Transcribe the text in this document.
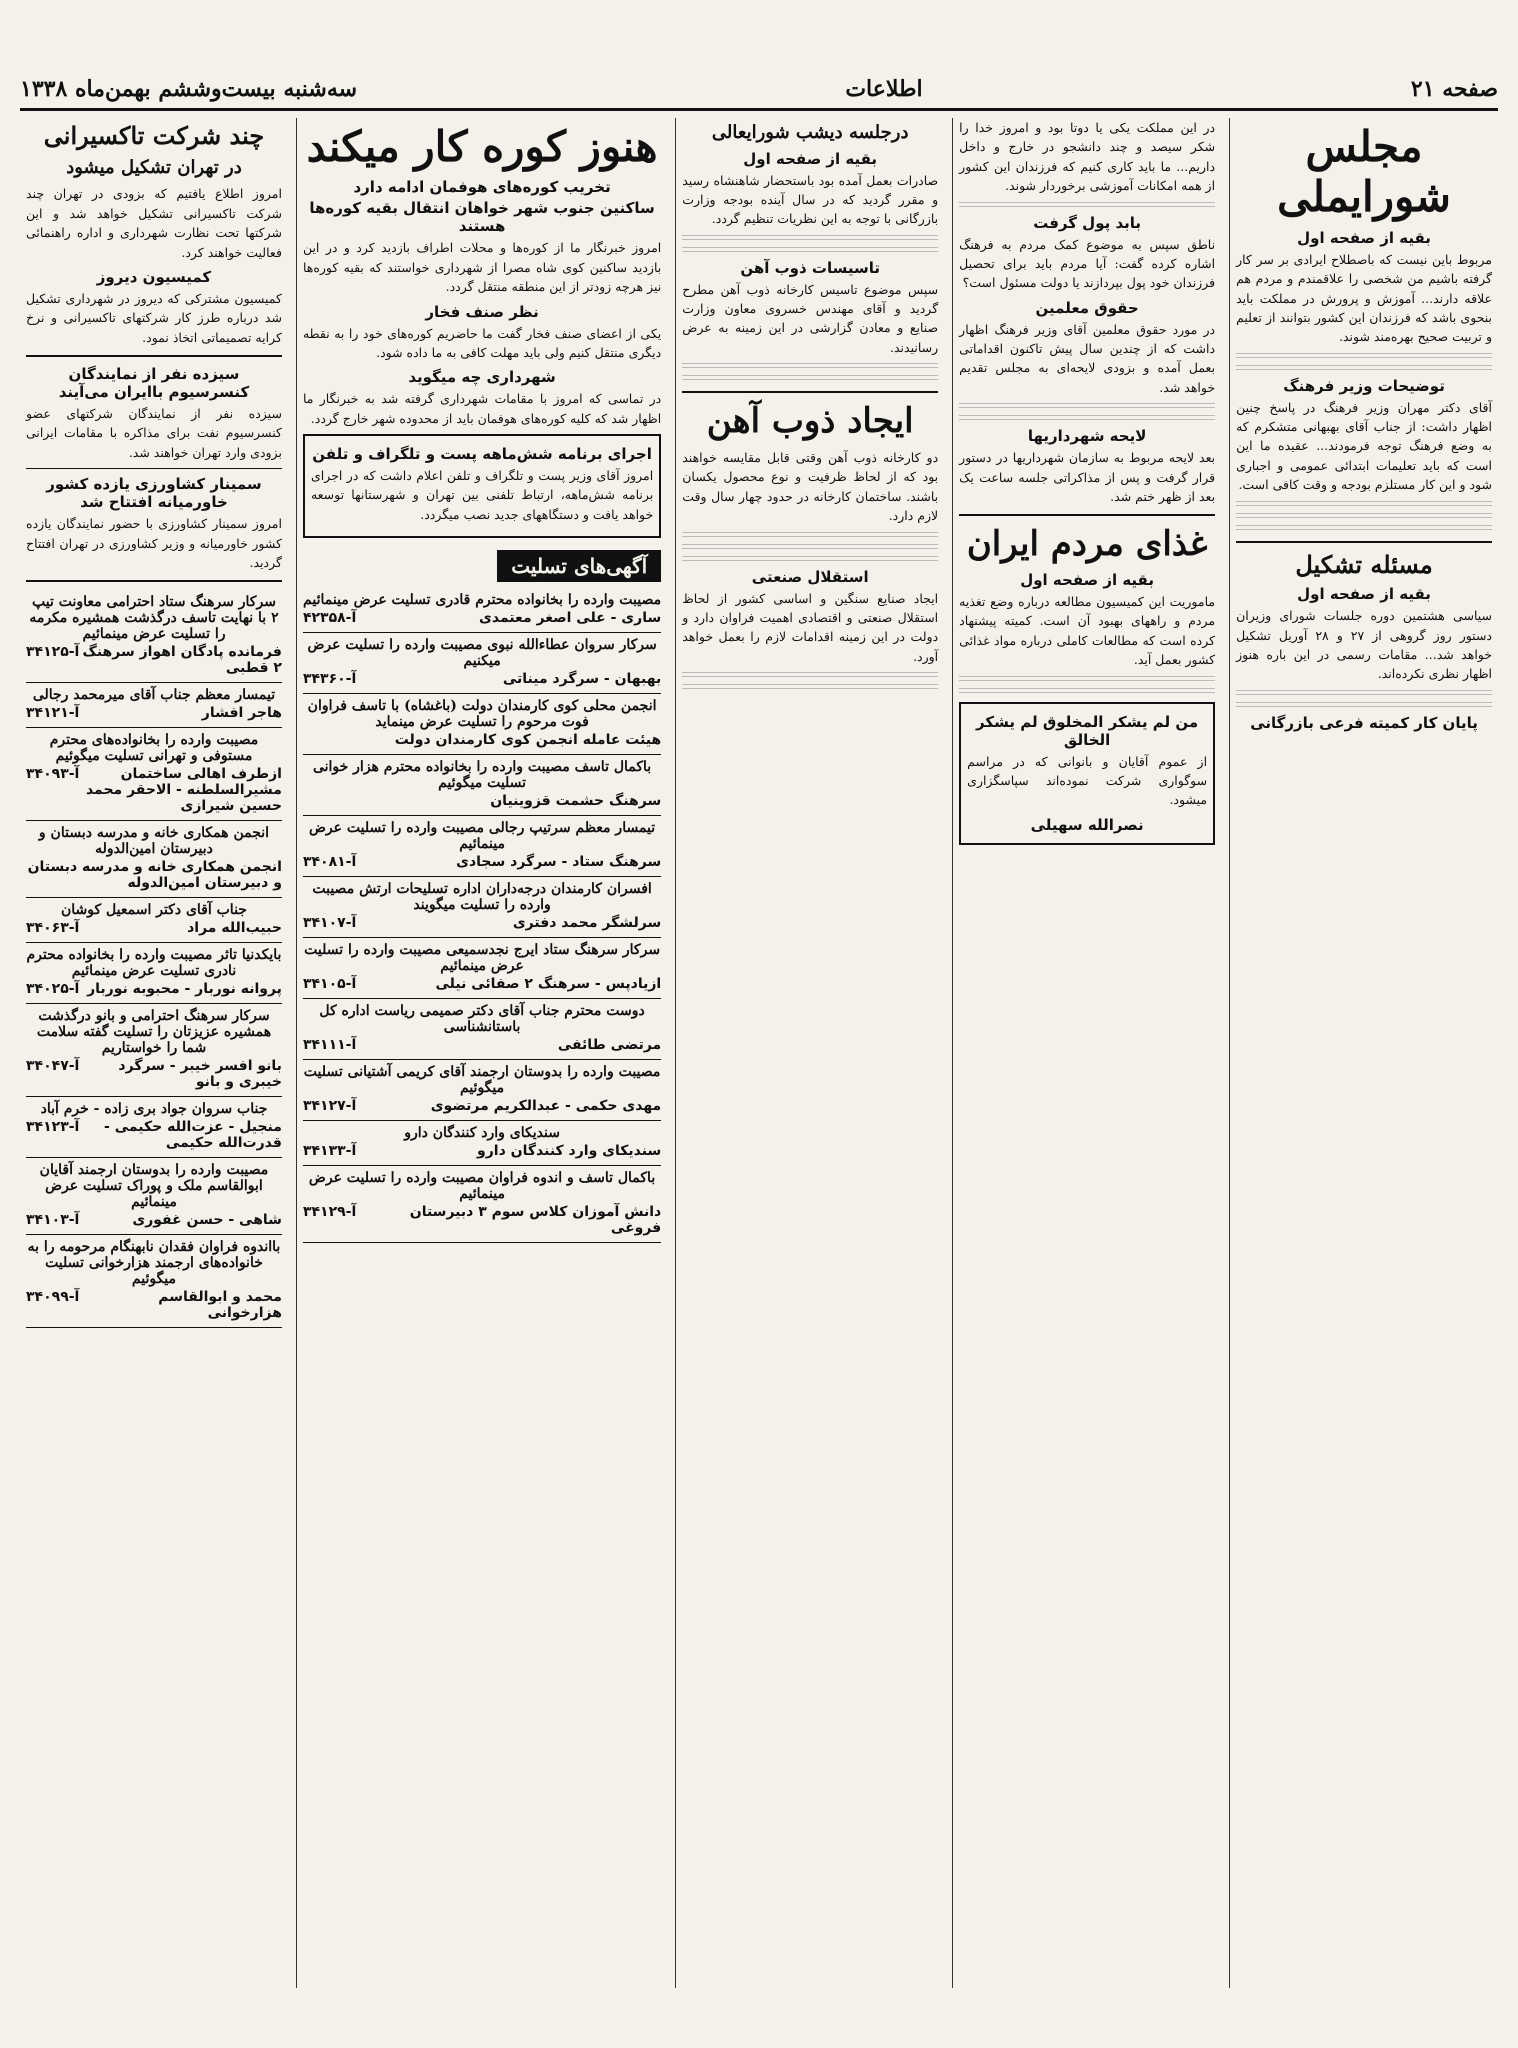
صفحه ۲۱
اطلاعات
سه‌شنبه بیست‌وششم بهمن‌ماه ۱۳۳۸
مجلس شورایملی
بقیه از صفحه اول

مربوط باین نیست که باصطلاح ایرادی بر سر کار گرفته باشیم من شخصی را علاقمندم و مردم هم علاقه دارند... آموزش و پرورش در مملکت باید بنحوی باشد که فرزندان این کشور بتوانند از تعلیم و تربیت صحیح بهره‌مند شوند.

توضیحات وزیر فرهنگ

آقای دکتر مهران وزیر فرهنگ در پاسخ چنین اظهار داشت: از جناب آقای بهبهانی متشکرم که به وضع فرهنگ توجه فرمودند... عقیده ما این است که باید تعلیمات ابتدائی عمومی و اجباری شود و این کار مستلزم بودجه و وقت کافی است.

مسئله تشکیل
بقیه از صفحه اول

سیاسی هشتمین دوره جلسات شورای وزیران دستور روز گروهی از ۲۷ و ۲۸ آوریل تشکیل خواهد شد... مقامات رسمی در این باره هنوز اظهار نظری نکرده‌اند.

پایان کار کمیته فرعی بازرگانی

در این مملکت یکی یا دوتا بود و امروز خدا را شکر سیصد و چند دانشجو در خارج و داخل داریم... ما باید کاری کنیم که فرزندان این کشور از همه امکانات آموزشی برخوردار شوند.

بابد پول گرفت

ناطق سپس به موضوع کمک مردم به فرهنگ اشاره کرده گفت: آیا مردم باید برای تحصیل فرزندان خود پول بپردازند یا دولت مسئول است؟

حقوق معلمین

در مورد حقوق معلمین آقای وزیر فرهنگ اظهار داشت که از چندین سال پیش تاکنون اقداماتی بعمل آمده و بزودی لایحه‌ای به مجلس تقدیم خواهد شد.

لایحه شهرداریها

بعد لایحه مربوط به سازمان شهرداریها در دستور قرار گرفت و پس از مذاکراتی جلسه ساعت یک بعد از ظهر ختم شد.

غذای مردم ایران
بقیه از صفحه اول

ماموریت این کمیسیون مطالعه درباره وضع تغذیه مردم و راههای بهبود آن است. کمیته پیشنهاد کرده است که مطالعات کاملی درباره مواد غذائی کشور بعمل آید.

من لم یشکر المخلوق لم یشکر الخالق

از عموم آقایان و بانوانی که در مراسم سوگواری شرکت نموده‌اند سپاسگزاری میشود.

نصرالله سهیلی
درجلسه دیشب شورایعالی
بقیه از صفحه اول

صادرات بعمل آمده بود باستحضار شاهنشاه رسید و مقرر گردید که در سال آینده بودجه وزارت بازرگانی با توجه به این نظریات تنظیم گردد.

تاسیسات ذوب آهن

سپس موضوع تاسیس کارخانه ذوب آهن مطرح گردید و آقای مهندس خسروی معاون وزارت صنایع و معادن گزارشی در این زمینه به عرض رسانیدند.

ایجاد ذوب آهن

دو کارخانه ذوب آهن وقتی قابل مقایسه خواهند بود که از لحاظ ظرفیت و نوع محصول یکسان باشند. ساختمان کارخانه در حدود چهار سال وقت لازم دارد.

استقلال صنعتی

ایجاد صنایع سنگین و اساسی کشور از لحاظ استقلال صنعتی و اقتصادی اهمیت فراوان دارد و دولت در این زمینه اقدامات لازم را بعمل خواهد آورد.

هنوز کوره کار میکند
تخریب کوره‌های هوفمان ادامه دارد
ساکنین جنوب شهر خواهان انتقال بقیه کوره‌ها هستند

امروز خبرنگار ما از کوره‌ها و محلات اطراف بازدید کرد و در این بازدید ساکنین کوی شاه مصرا از شهرداری خواستند که بقیه کوره‌ها نیز هرچه زودتر از این منطقه منتقل گردد.

نظر صنف فخار

یکی از اعضای صنف فخار گفت ما حاضریم کوره‌های خود را به نقطه دیگری منتقل کنیم ولی باید مهلت کافی به ما داده شود.

شهرداری چه میگوید

در تماسی که امروز با مقامات شهرداری گرفته شد به خبرنگار ما اظهار شد که کلیه کوره‌های هوفمان باید از محدوده شهر خارج گردد.

اجرای برنامه شش‌ماهه پست و تلگراف و تلفن

امروز آقای وزیر پست و تلگراف و تلفن اعلام داشت که در اجرای برنامه شش‌ماهه، ارتباط تلفنی بین تهران و شهرستانها توسعه خواهد یافت و دستگاههای جدید نصب میگردد.

آگهی‌های تسلیت
مصیبت وارده را بخانواده محترم قادری تسلیت عرض مینمائیم
ساری - علی اصغر معتمدی
آ-۴۲۳۵۸
سرکار سروان عطاءالله نبوی مصیبت وارده را تسلیت عرض میکنیم
بهبهان - سرگرد میناتی
آ-۳۴۳۶۰
انجمن محلی کوی کارمندان دولت (باغشاه) با تاسف فراوان فوت مرحوم را تسلیت عرض مینماید
هیئت عامله انجمن کوی کارمندان دولت
باکمال تاسف مصیبت وارده را بخانواده محترم هزار خوانی تسلیت میگوئیم
سرهنگ حشمت قزوینیان
تیمسار معظم سرتیپ رجالی مصیبت وارده را تسلیت عرض مینمائیم
سرهنگ ستاد - سرگرد سجادی
آ-۳۴۰۸۱
افسران کارمندان درجه‌داران اداره تسلیحات ارتش مصیبت وارده را تسلیت میگویند
سرلشگر محمد دفتری
آ-۳۴۱۰۷
سرکار سرهنگ ستاد ایرج نجدسمیعی مصیبت وارده را تسلیت عرض مینمائیم
ازیادپس - سرهنگ ۲ صفائی نیلی
آ-۳۴۱۰۵
دوست محترم جناب آقای دکتر صمیمی ریاست اداره کل باستانشناسی
مرتضی طائفی
آ-۳۴۱۱۱
مصیبت وارده را بدوستان ارجمند آقای کریمی آشتیانی تسلیت میگوئیم
مهدی حکمی - عبدالکریم مرتضوی
آ-۳۴۱۲۷
سندیکای وارد کنندگان دارو
سندیکای وارد کنندگان دارو
آ-۳۴۱۳۳
باکمال تاسف و اندوه فراوان مصیبت وارده را تسلیت عرض مینمائیم
دانش آموزان کلاس سوم ۳ دبیرستان فروغی
آ-۳۴۱۲۹
چند شرکت تاکسیرانی
در تهران تشکیل میشود

امروز اطلاع یافتیم که بزودی در تهران چند شرکت تاکسیرانی تشکیل خواهد شد و این شرکتها تحت نظارت شهرداری و اداره راهنمائی فعالیت خواهند کرد.

کمیسیون دیروز

کمیسیون مشترکی که دیروز در شهرداری تشکیل شد درباره طرز کار شرکتهای تاکسیرانی و نرخ کرایه تصمیماتی اتخاذ نمود.

سیزده نفر از نمایندگان کنسرسیوم باایران می‌آیند

سیزده نفر از نمایندگان شرکتهای عضو کنسرسیوم نفت برای مذاکره با مقامات ایرانی بزودی وارد تهران خواهند شد.

سمینار کشاورزی یازده کشور خاورمیانه افتتاح شد

امروز سمینار کشاورزی با حضور نمایندگان یازده کشور خاورمیانه و وزیر کشاورزی در تهران افتتاح گردید.

سرکار سرهنگ ستاد احترامی معاونت تیپ ۲ با نهایت تاسف درگذشت همشیره مکرمه را تسلیت عرض مینمائیم
فرمانده پادگان اهواز سرهنگ ۲ قطبی
آ-۳۴۱۲۵
تیمسار معظم جناب آقای میرمحمد رجالی
هاجر افشار
آ-۳۴۱۲۱
مصیبت وارده را بخانواده‌های محترم مستوفی و تهرانی تسلیت میگوئیم
ازطرف اهالی ساختمان مشیرالسلطنه - الاحقر محمد حسین شیرازی
آ-۳۴۰۹۳
انجمن همکاری خانه و مدرسه دبستان و دبیرستان امین‌الدوله
انجمن همکاری خانه و مدرسه دبستان و دبیرستان امین‌الدوله
جناب آقای دکتر اسمعیل کوشان
حبیب‌الله مراد
آ-۳۴۰۶۳
بایکدنیا تاثر مصیبت وارده را بخانواده محترم نادری تسلیت عرض مینمائیم
پروانه نوربار - محبوبه نوربار
آ-۳۴۰۲۵
سرکار سرهنگ احترامی و بانو درگذشت همشیره عزیزتان را تسلیت گفته سلامت شما را خواستاریم
بانو افسر خیبر - سرگرد خیبری و بانو
آ-۳۴۰۴۷
جناب سروان جواد بری زاده - خرم آباد
منجیل - عزت‌الله حکیمی - قدرت‌الله حکیمی
آ-۳۴۱۲۳
مصیبت وارده را بدوستان ارجمند آقایان ابوالقاسم ملک و پوراک تسلیت عرض مینمائیم
شاهی - حسن غفوری
آ-۳۴۱۰۳
بااندوه فراوان فقدان نابهنگام مرحومه را به خانواده‌های ارجمند هزارخوانی تسلیت میگوئیم
محمد و ابوالقاسم هزارخوانی
آ-۳۴۰۹۹
